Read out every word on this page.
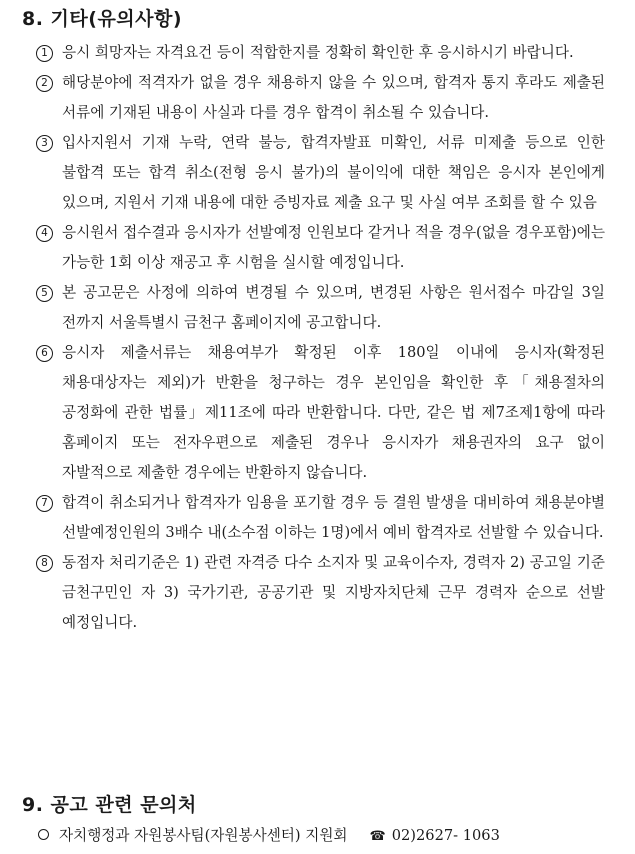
8. 기타(유의사항)
1 응시 희망자는 자격요건 등이 적합한지를 정확히 확인한 후 응시하시기 바랍니다.
2 해당분야에 적격자가 없을 경우 채용하지 않을 수 있으며, 합격자 통지 후라도 제출된 서류에 기재된 내용이 사실과 다를 경우 합격이 취소될 수 있습니다.
3 입사지원서 기재 누락, 연락 불능, 합격자발표 미확인, 서류 미제출 등으로 인한 불합격 또는 합격 취소(전형 응시 불가)의 불이익에 대한 책임은 응시자 본인에게 있으며, 지원서 기재 내용에 대한 증빙자료 제출 요구 및 사실 여부 조회를 할 수 있음
4 응시원서 접수결과 응시자가 선발예정 인원보다 같거나 적을 경우(없을 경우포함)에는 가능한 1회 이상 재공고 후 시험을 실시할 예정입니다.
5 본 공고문은 사정에 의하여 변경될 수 있으며, 변경된 사항은 원서접수 마감일 3일 전까지 서울특별시 금천구 홈페이지에 공고합니다.
6 응시자 제출서류는 채용여부가 확정된 이후 180일 이내에 응시자(확정된 채용대상자는 제외)가 반환을 청구하는 경우 본인임을 확인한 후「채용절차의 공정화에 관한 법률」제11조에 따라 반환합니다. 다만, 같은 법 제7조제1항에 따라 홈페이지 또는 전자우편으로 제출된 경우나 응시자가 채용권자의 요구 없이 자발적으로 제출한 경우에는 반환하지 않습니다.
7 합격이 취소되거나 합격자가 임용을 포기할 경우 등 결원 발생을 대비하여 채용분야별 선발예정인원의 3배수 내(소수점 이하는 1명)에서 예비 합격자로 선발할 수 있습니다.
8 동점자 처리기준은 1) 관련 자격증 다수 소지자 및 교육이수자, 경력자 2) 공고일 기준 금천구민인 자 3) 국가기관, 공공기관 및 지방자치단체 근무 경력자 순으로 선발 예정입니다.
9. 공고 관련 문의처
자치행정과 자원봉사팀(자원봉사센터) 지원회 ☎ 02)2627- 1063
